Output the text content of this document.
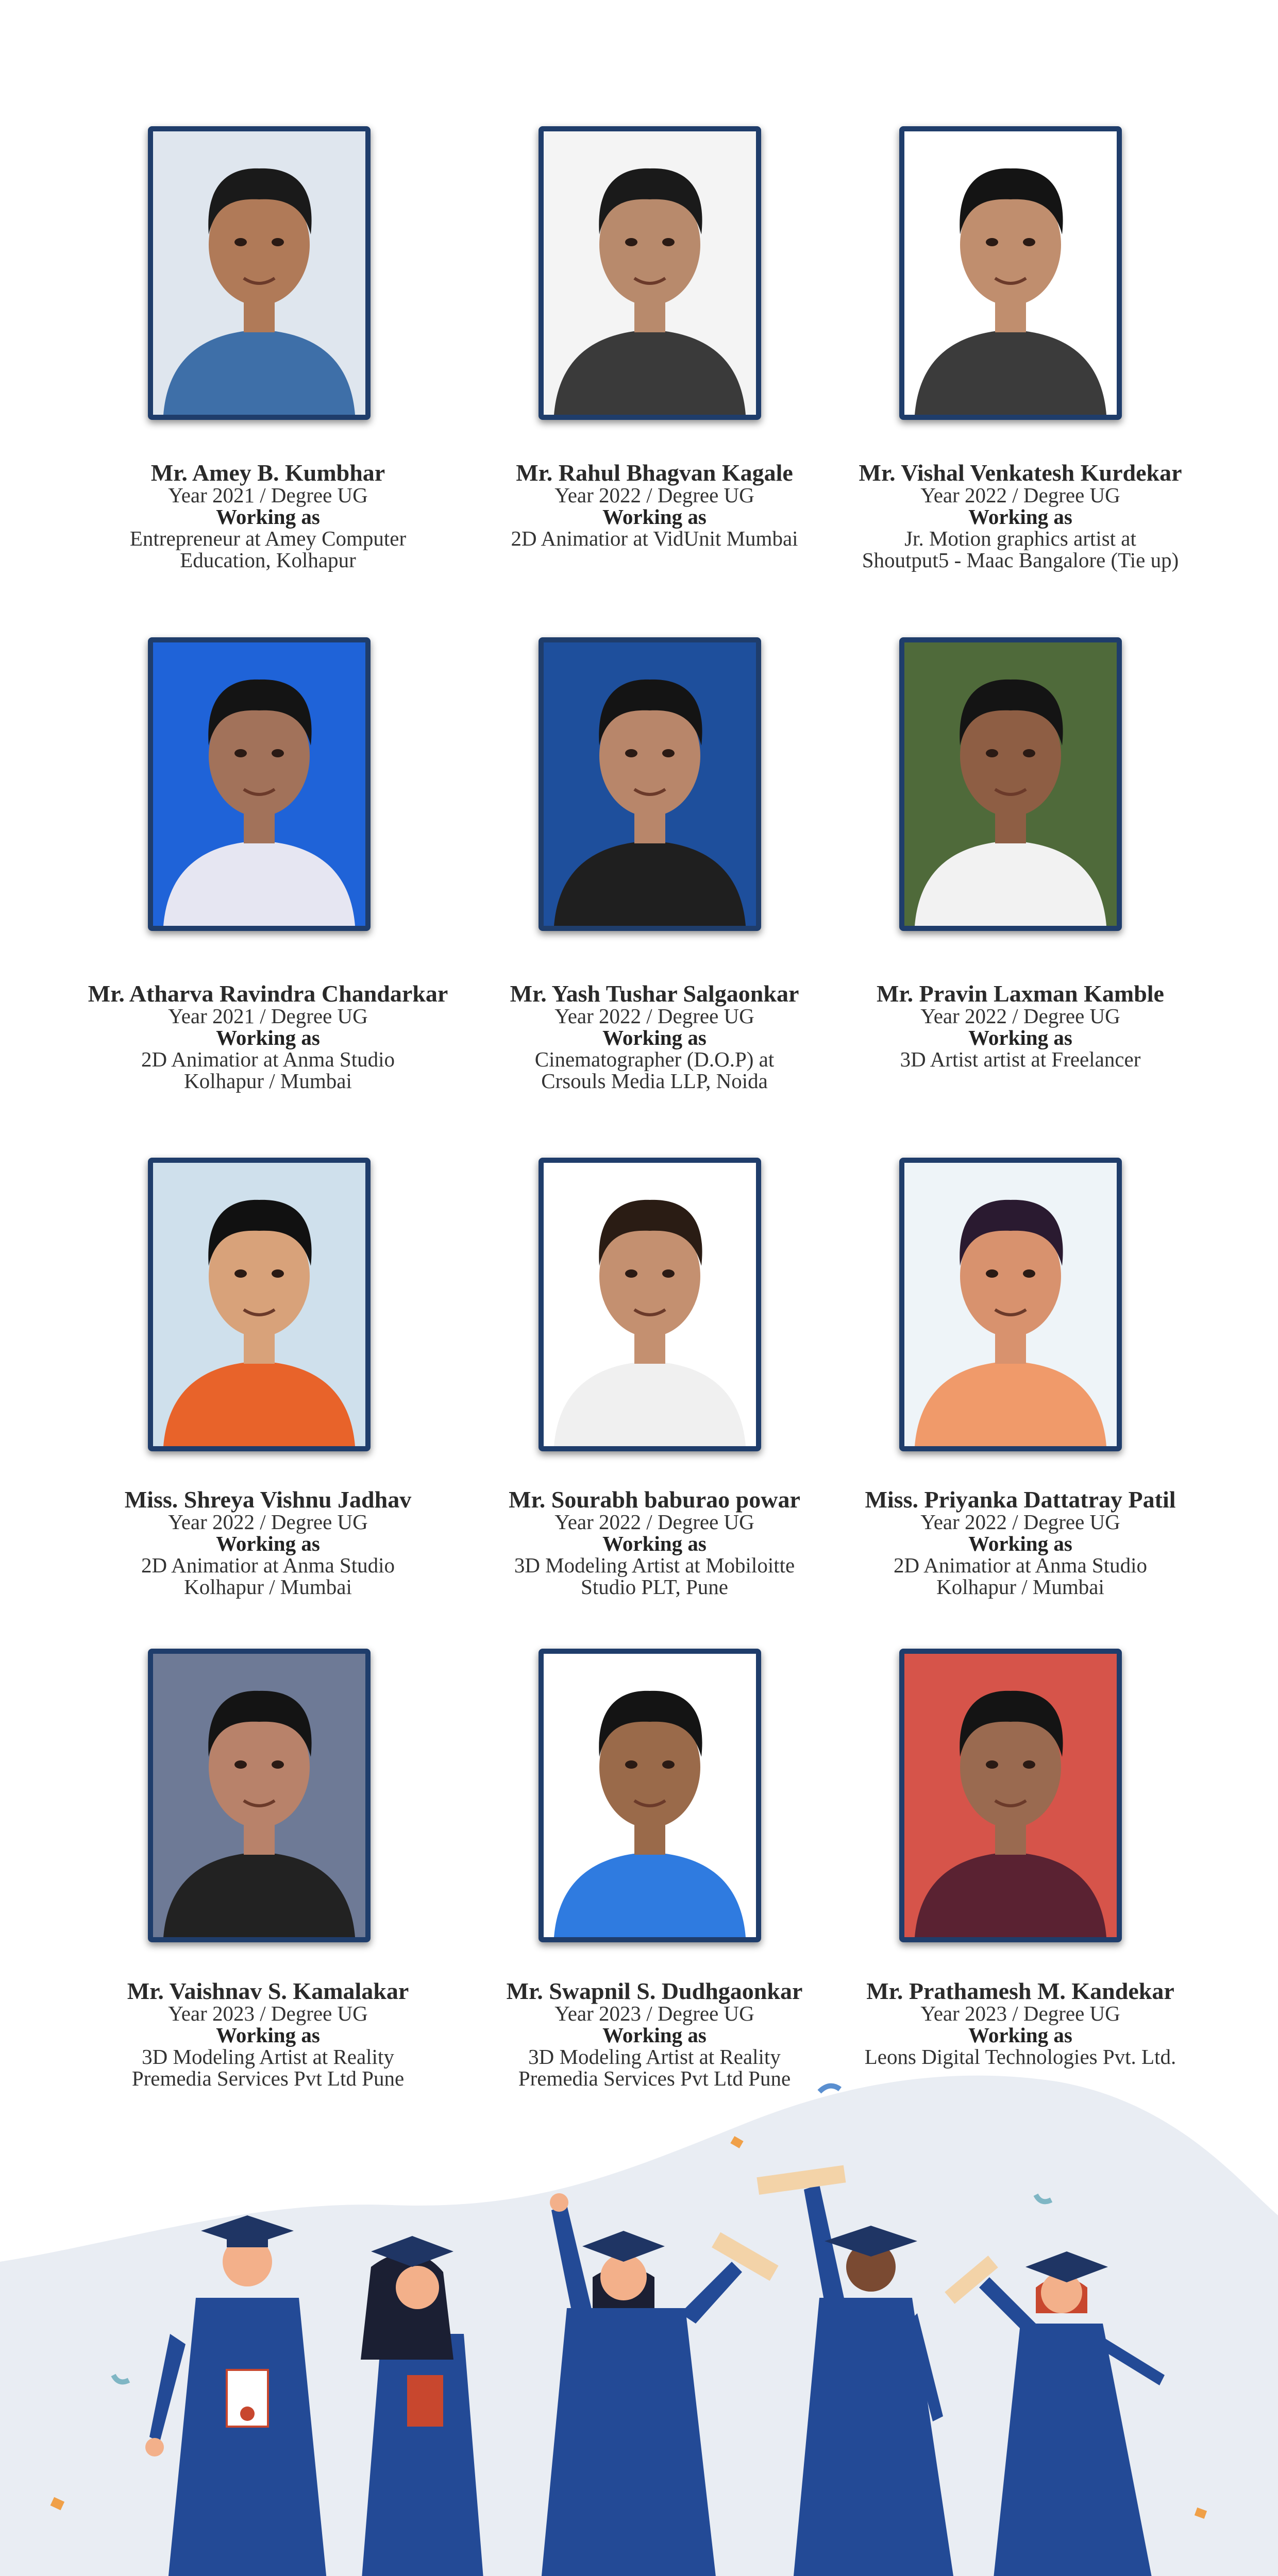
Mr. Amey B. Kumbhar
Year 2021 / Degree UG
Working as
Entrepreneur at Amey Computer
Education, Kolhapur
Mr. Rahul Bhagvan Kagale
Year 2022 / Degree UG
Working as
2D Animatior at VidUnit Mumbai
Mr. Vishal Venkatesh Kurdekar
Year 2022 / Degree UG
Working as
Jr. Motion graphics artist at
Shoutput5 - Maac Bangalore (Tie up)
Mr. Atharva Ravindra Chandarkar
Year 2021 / Degree UG
Working as
2D Animatior at Anma Studio
Kolhapur / Mumbai
Mr. Yash Tushar Salgaonkar
Year 2022 / Degree UG
Working as
Cinematographer (D.O.P) at
Crsouls Media LLP, Noida
Mr. Pravin Laxman Kamble
Year 2022 / Degree UG
Working as
3D Artist artist at Freelancer
Miss. Shreya Vishnu Jadhav
Year 2022 / Degree UG
Working as
2D Animatior at Anma Studio
Kolhapur / Mumbai
Mr. Sourabh baburao powar
Year 2022 / Degree UG
Working as
3D Modeling Artist at Mobiloitte
Studio PLT, Pune
Miss. Priyanka Dattatray Patil
Year 2022 / Degree UG
Working as
2D Animatior at Anma Studio
Kolhapur / Mumbai
Mr. Vaishnav S. Kamalakar
Year 2023 / Degree UG
Working as
3D Modeling Artist at Reality
Premedia Services Pvt Ltd Pune
Mr. Swapnil S. Dudhgaonkar
Year 2023 / Degree UG
Working as
3D Modeling Artist at Reality
Premedia Services Pvt Ltd Pune
Mr. Prathamesh M. Kandekar
Year 2023 / Degree UG
Working as
Leons Digital Technologies Pvt. Ltd.
